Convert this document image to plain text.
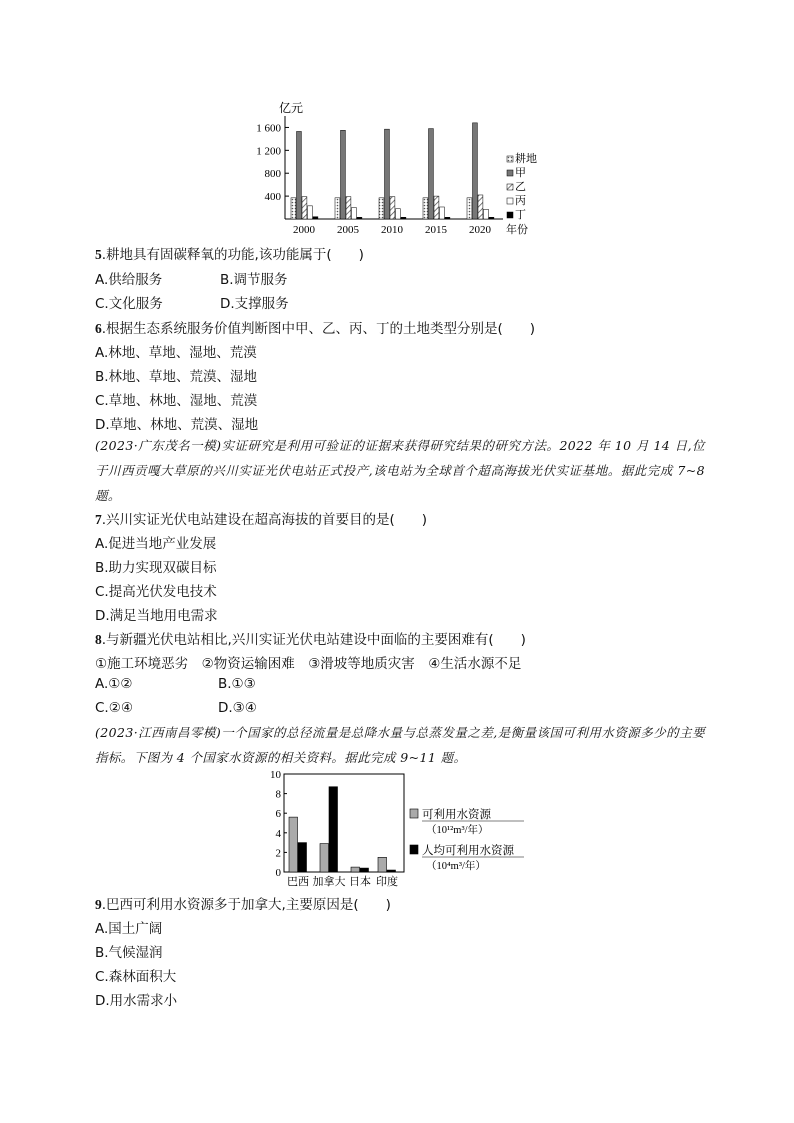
亿元
1 600
1 200
800
400
2000 2005 2010 2015 2020 年份
耕地
甲
乙
丙
丁
5.耕地具有固碳释氧的功能,该功能属于(　　)
A.供给服务	B.调节服务
C.文化服务	D.支撑服务
6.根据生态系统服务价值判断图中甲、乙、丙、丁的土地类型分别是(　　)
A.林地、草地、湿地、荒漠
B.林地、草地、荒漠、湿地
C.草地、林地、湿地、荒漠
D.草地、林地、荒漠、湿地
(2023·广东茂名一模)实证研究是利用可验证的证据来获得研究结果的研究方法。2022 年 10 月 14 日,位于川西贡嘎大草原的兴川实证光伏电站正式投产,该电站为全球首个超高海拔光伏实证基地。据此完成 7~8 题。
7.兴川实证光伏电站建设在超高海拔的首要目的是(　　)
A.促进当地产业发展
B.助力实现双碳目标
C.提高光伏发电技术
D.满足当地用电需求
8.与新疆光伏电站相比,兴川实证光伏电站建设中面临的主要困难有(　　)
①施工环境恶劣　②物资运输困难　③滑坡等地质灾害　④生活水源不足
A.①②	B.①③
C.②④	D.③④
(2023·江西南昌零模)一个国家的总径流量是总降水量与总蒸发量之差,是衡量该国可利用水资源多少的主要指标。下图为 4 个国家水资源的相关资料。据此完成 9~11 题。
10
8
6
4
2
0
巴西 加拿大 日本 印度
可利用水资源
（10¹²m³/年）
人均可利用水资源
（10⁴m³/年）
9.巴西可利用水资源多于加拿大,主要原因是(　　)
A.国土广阔
B.气候湿润
C.森林面积大
D.用水需求小
